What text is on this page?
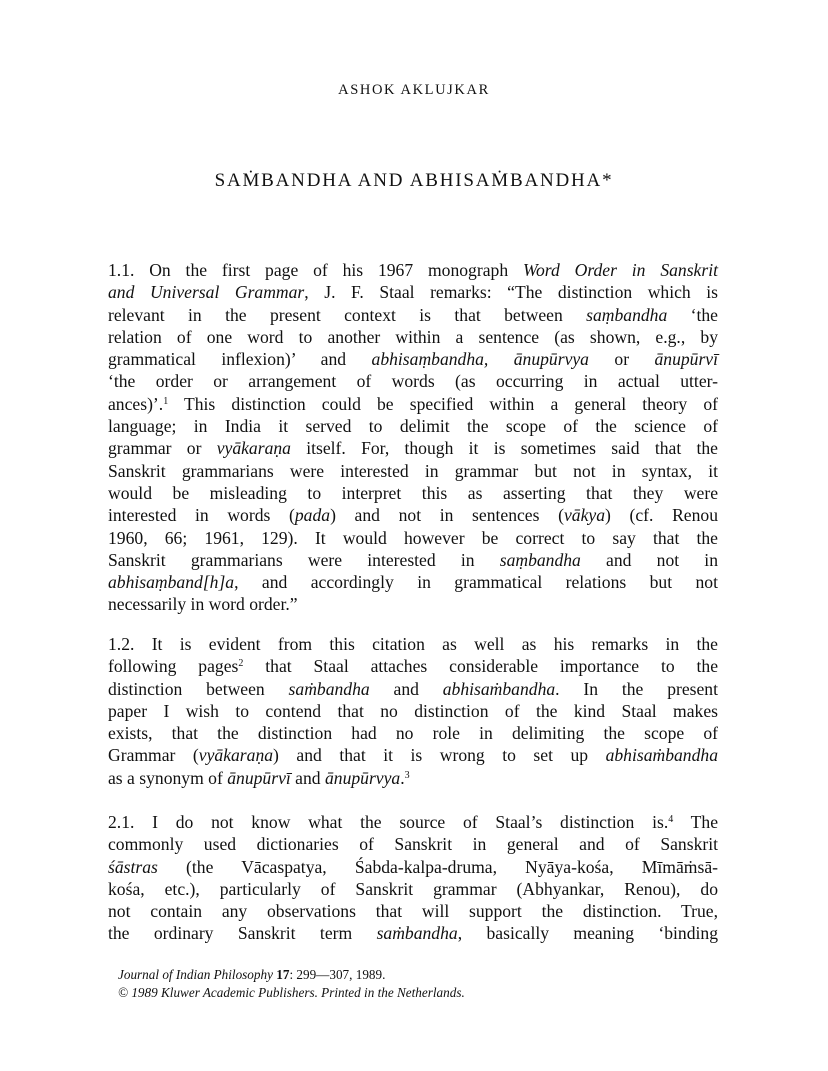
ASHOK AKLUJKAR
SAṀBANDHA AND ABHISAṀBANDHA*
1.1. On the first page of his 1967 monograph Word Order in Sanskrit
and Universal Grammar, J. F. Staal remarks: “The distinction which is
relevant in the present context is that between saṃbandha ‘the
relation of one word to another within a sentence (as shown, e.g., by
grammatical inflexion)’ and abhisaṃbandha, ānupūrvya or ānupūrvī
‘the order or arrangement of words (as occurring in actual utter-
ances)’.$^1$ This distinction could be specified within a general theory of
language; in India it served to delimit the scope of the science of
grammar or vyākaraṇa itself. For, though it is sometimes said that the
Sanskrit grammarians were interested in grammar but not in syntax, it
would be misleading to interpret this as asserting that they were
interested in words (pada) and not in sentences (vākya) (cf. Renou
1960, 66; 1961, 129). It would however be correct to say that the
Sanskrit grammarians were interested in saṃbandha and not in
abhisaṃband[h]a, and accordingly in grammatical relations but not
necessarily in word order.”
1.2. It is evident from this citation as well as his remarks in the
following pages$^2$ that Staal attaches considerable importance to the
distinction between saṁbandha and abhisaṁbandha. In the present
paper I wish to contend that no distinction of the kind Staal makes
exists, that the distinction had no role in delimiting the scope of
Grammar (vyākaraṇa) and that it is wrong to set up abhisaṁbandha
as a synonym of ānupūrvī and ānupūrvya.$^3$
2.1. I do not know what the source of Staal’s distinction is.$^4$ The
commonly used dictionaries of Sanskrit in general and of Sanskrit
śāstras (the Vācaspatya, Śabda-kalpa-druma, Nyāya-kośa, Mīmāṁsā-
kośa, etc.), particularly of Sanskrit grammar (Abhyankar, Renou), do
not contain any observations that will support the distinction. True,
the ordinary Sanskrit term saṁbandha, basically meaning ‘binding
Journal of Indian Philosophy 17: 299—307, 1989.
© 1989 Kluwer Academic Publishers. Printed in the Netherlands.
